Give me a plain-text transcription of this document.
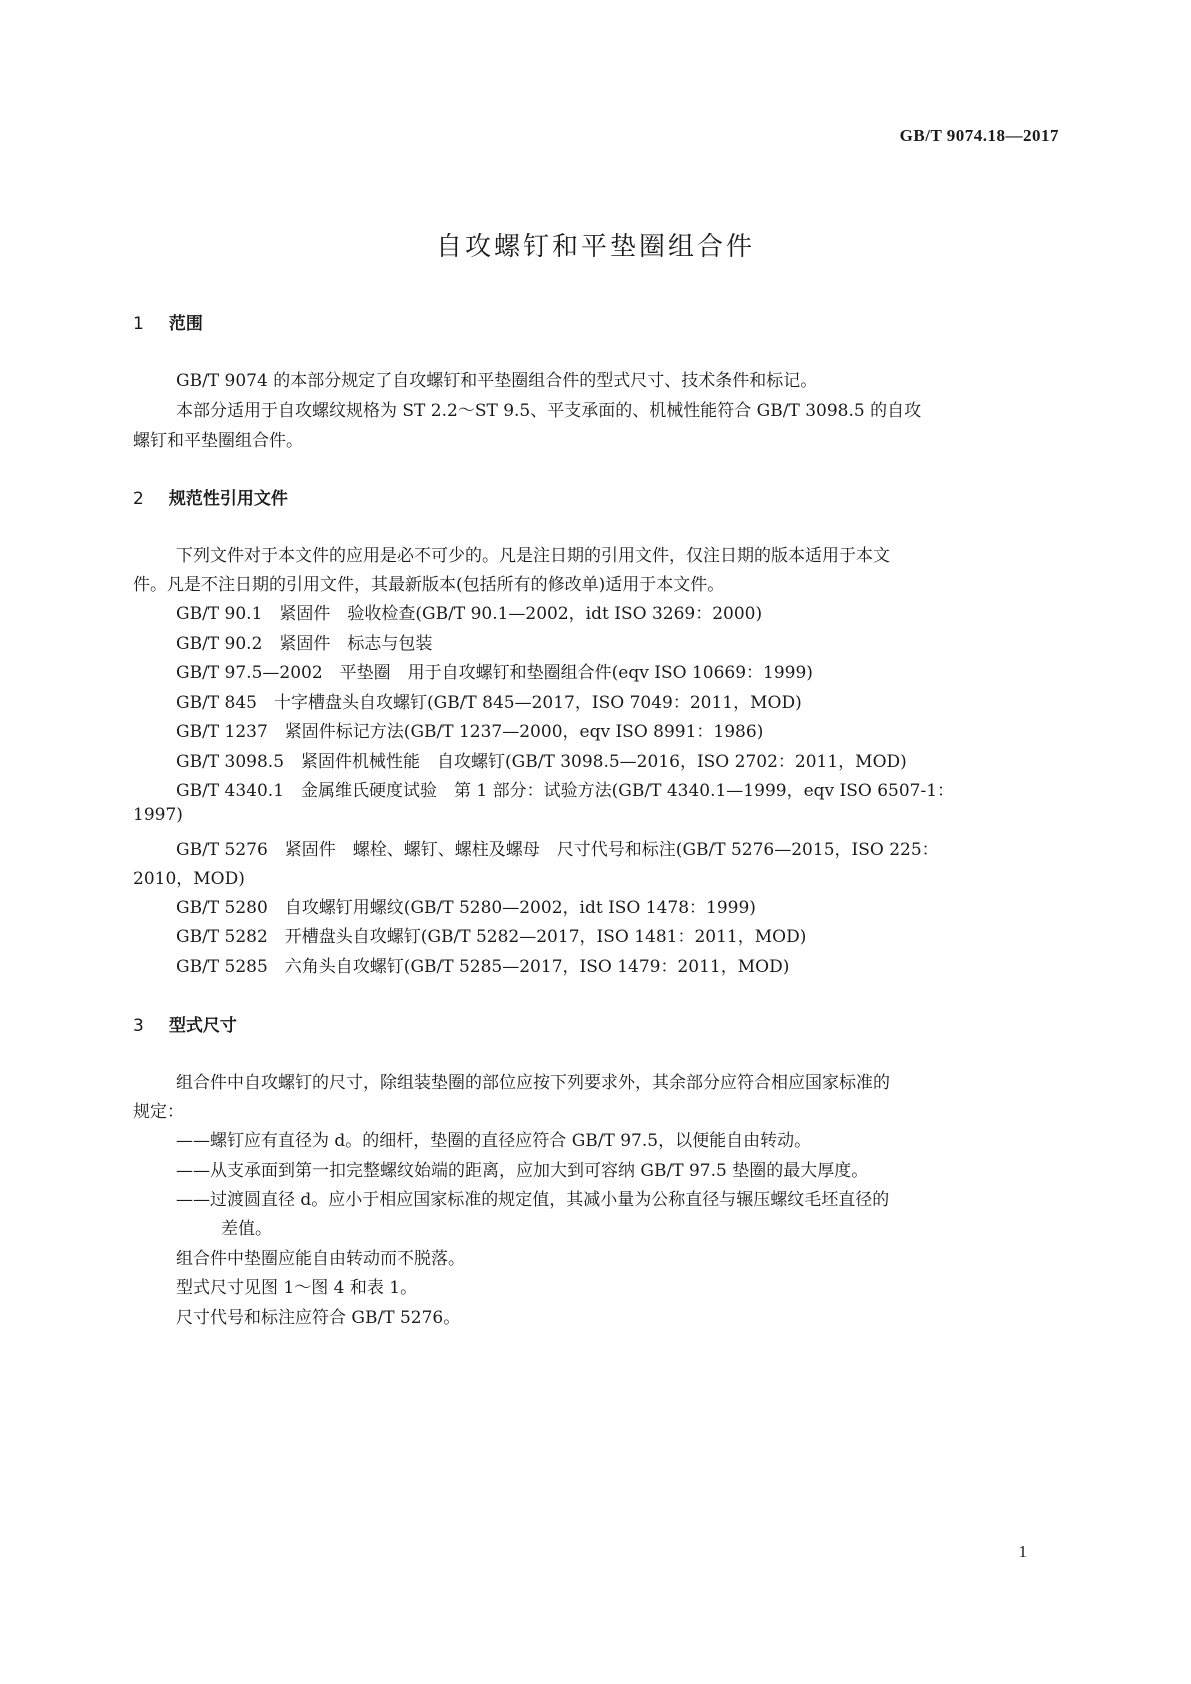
GB/T 9074.18—2017
自攻螺钉和平垫圈组合件
1 范围
GB/T 9074 的本部分规定了自攻螺钉和平垫圈组合件的型式尺寸、技术条件和标记。
本部分适用于自攻螺纹规格为 ST 2.2～ST 9.5、平支承面的、机械性能符合 GB/T 3098.5 的自攻
螺钉和平垫圈组合件。
2 规范性引用文件
下列文件对于本文件的应用是必不可少的。凡是注日期的引用文件，仅注日期的版本适用于本文
件。凡是不注日期的引用文件，其最新版本(包括所有的修改单)适用于本文件。
GB/T 90.1　紧固件　验收检查(GB/T 90.1—2002，idt ISO 3269：2000)
GB/T 90.2　紧固件　标志与包装
GB/T 97.5—2002　平垫圈　用于自攻螺钉和垫圈组合件(eqv ISO 10669：1999)
GB/T 845　十字槽盘头自攻螺钉(GB/T 845—2017，ISO 7049：2011，MOD)
GB/T 1237　紧固件标记方法(GB/T 1237—2000，eqv ISO 8991：1986)
GB/T 3098.5　紧固件机械性能　自攻螺钉(GB/T 3098.5—2016，ISO 2702：2011，MOD)
GB/T 4340.1　金属维氏硬度试验　第 1 部分：试验方法(GB/T 4340.1—1999，eqv ISO 6507-1：
1997)
GB/T 5276　紧固件　螺栓、螺钉、螺柱及螺母　尺寸代号和标注(GB/T 5276—2015，ISO 225：
2010，MOD)
GB/T 5280　自攻螺钉用螺纹(GB/T 5280—2002，idt ISO 1478：1999)
GB/T 5282　开槽盘头自攻螺钉(GB/T 5282—2017，ISO 1481：2011，MOD)
GB/T 5285　六角头自攻螺钉(GB/T 5285—2017，ISO 1479：2011，MOD)
3 型式尺寸
组合件中自攻螺钉的尺寸，除组装垫圈的部位应按下列要求外，其余部分应符合相应国家标准的
规定：
——螺钉应有直径为 d。的细杆，垫圈的直径应符合 GB/T 97.5，以便能自由转动。
——从支承面到第一扣完整螺纹始端的距离，应加大到可容纳 GB/T 97.5 垫圈的最大厚度。
——过渡圆直径 d。应小于相应国家标准的规定值，其减小量为公称直径与辗压螺纹毛坯直径的
差值。
组合件中垫圈应能自由转动而不脱落。
型式尺寸见图 1～图 4 和表 1。
尺寸代号和标注应符合 GB/T 5276。
1
